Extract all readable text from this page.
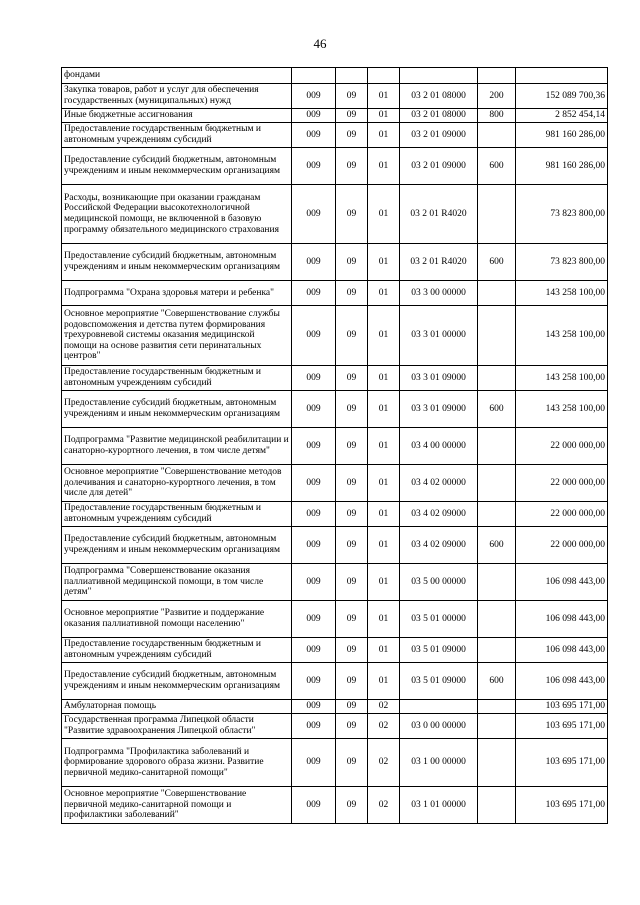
46
фондами						
Закупка товаров, работ и услуг для обеспечения государственных (муниципальных) нужд	009	09	01	03 2 01 08000	200	152 089 700,36
Иные бюджетные ассигнования	009	09	01	03 2 01 08000	800	2 852 454,14
Предоставление государственным бюджетным и автономным учреждениям субсидий	009	09	01	03 2 01 09000		981 160 286,00
Предоставление субсидий бюджетным, автономным учреждениям и иным некоммерческим организациям	009	09	01	03 2 01 09000	600	981 160 286,00
Расходы, возникающие при оказании гражданам Российской Федерации высокотехнологичной медицинской помощи, не включенной в базовую программу обязательного медицинского страхования	009	09	01	03 2 01 R4020		73 823 800,00
Предоставление субсидий бюджетным, автономным учреждениям и иным некоммерческим организациям	009	09	01	03 2 01 R4020	600	73 823 800,00
Подпрограмма "Охрана здоровья матери и ребенка"	009	09	01	03 3 00 00000		143 258 100,00
Основное мероприятие "Совершенствование службы родовспоможения и детства путем формирования трехуровневой системы оказания медицинской помощи на основе развития сети перинатальных центров"	009	09	01	03 3 01 00000		143 258 100,00
Предоставление государственным бюджетным и автономным учреждениям субсидий	009	09	01	03 3 01 09000		143 258 100,00
Предоставление субсидий бюджетным, автономным учреждениям и иным некоммерческим организациям	009	09	01	03 3 01 09000	600	143 258 100,00
Подпрограмма "Развитие медицинской реабилитации и санаторно-курортного лечения, в том числе детям"	009	09	01	03 4 00 00000		22 000 000,00
Основное мероприятие "Совершенствование методов долечивания и санаторно-курортного лечения, в том числе для детей"	009	09	01	03 4 02 00000		22 000 000,00
Предоставление государственным бюджетным и автономным учреждениям субсидий	009	09	01	03 4 02 09000		22 000 000,00
Предоставление субсидий бюджетным, автономным учреждениям и иным некоммерческим организациям	009	09	01	03 4 02 09000	600	22 000 000,00
Подпрограмма "Совершенствование оказания паллиативной медицинской помощи, в том числе детям"	009	09	01	03 5 00 00000		106 098 443,00
Основное мероприятие "Развитие и поддержание оказания паллиативной помощи населению"	009	09	01	03 5 01 00000		106 098 443,00
Предоставление государственным бюджетным и автономным учреждениям субсидий	009	09	01	03 5 01 09000		106 098 443,00
Предоставление субсидий бюджетным, автономным учреждениям и иным некоммерческим организациям	009	09	01	03 5 01 09000	600	106 098 443,00
Амбулаторная помощь	009	09	02			103 695 171,00
Государственная программа Липецкой области "Развитие здравоохранения Липецкой области"	009	09	02	03 0 00 00000		103 695 171,00
Подпрограмма "Профилактика заболеваний и формирование здорового образа жизни. Развитие первичной медико-санитарной помощи"	009	09	02	03 1 00 00000		103 695 171,00
Основное мероприятие "Совершенствование первичной медико-санитарной помощи и профилактики заболеваний"	009	09	02	03 1 01 00000		103 695 171,00
